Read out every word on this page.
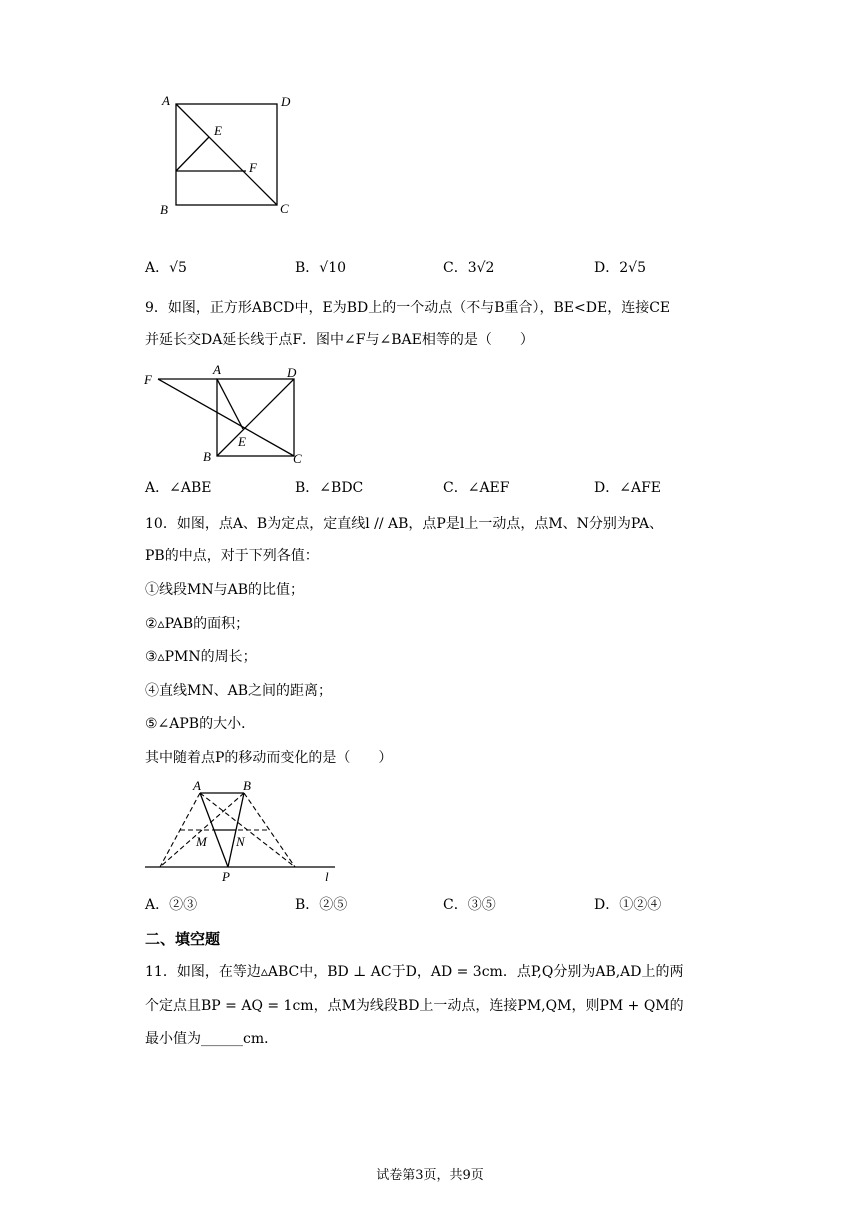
A	D
E
F
B	C
A．√5	B．√10	C．3√2	D．2√5
9．如图，正方形ABCD中，E为BD上的一个动点（不与B重合），BE<DE，连接CE
并延长交DA延长线于点F．图中∠F与∠BAE相等的是（　　）
F
A	D
E
B	C
A．∠ABE	B．∠BDC	C．∠AEF	D．∠AFE
10．如图，点A、B为定点，定直线l // AB，点P是l上一动点，点M、N分别为PA、
PB的中点，对于下列各值：
①线段MN与AB的比值；
②▵PAB的面积；
③▵PMN的周长；
④直线MN、AB之间的距离；
⑤∠APB的大小．
其中随着点P的移动而变化的是（　　）
A	B
M N
P	l
A．②③	B．②⑤	C．③⑤	D．①②④
二、填空题
11．如图，在等边▵ABC中，BD ⊥ AC于D，AD = 3cm．点P,Q分别为AB,AD上的两
个定点且BP = AQ = 1cm，点M为线段BD上一动点，连接PM,QM，则PM + QM的
最小值为______cm．
试卷第3页，共9页
